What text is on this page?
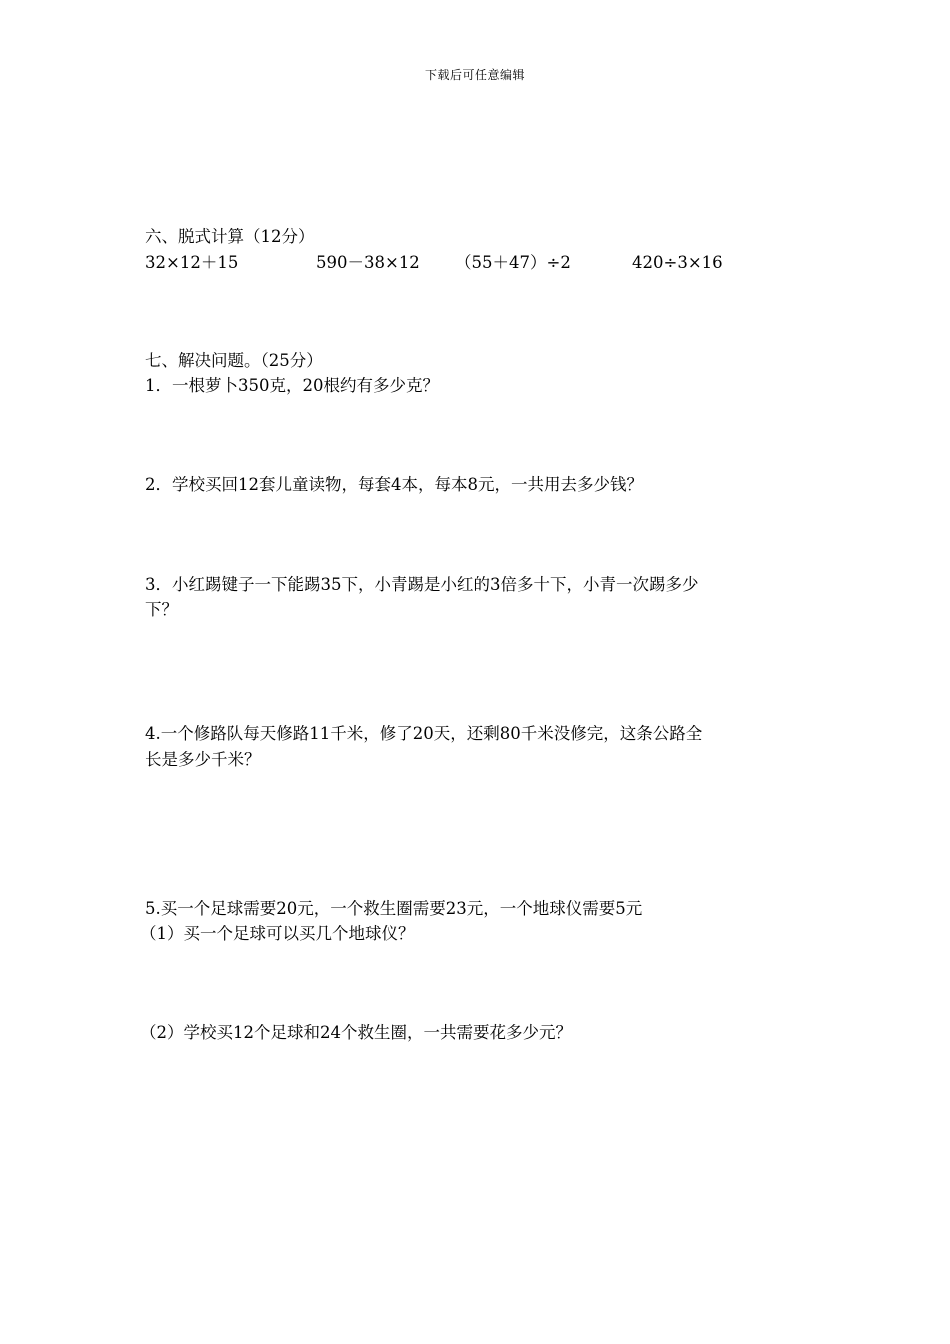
下载后可任意编辑
六、脱式计算（12分）
32×12＋15	590－38×12 （55＋47）÷2	420÷3×16
七、解决问题。（25分）
1．一根萝卜350克，20根约有多少克？
2．学校买回12套儿童读物，每套4本，每本8元，一共用去多少钱？
3．小红踢键子一下能踢35下，小青踢是小红的3倍多十下，小青一次踢多少
下？
4.一个修路队每天修路11千米，修了20天，还剩80千米没修完，这条公路全
长是多少千米？
5.买一个足球需要20元，一个救生圈需要23元，一个地球仪需要5元
（1）买一个足球可以买几个地球仪？
（2）学校买12个足球和24个救生圈，一共需要花多少元？
